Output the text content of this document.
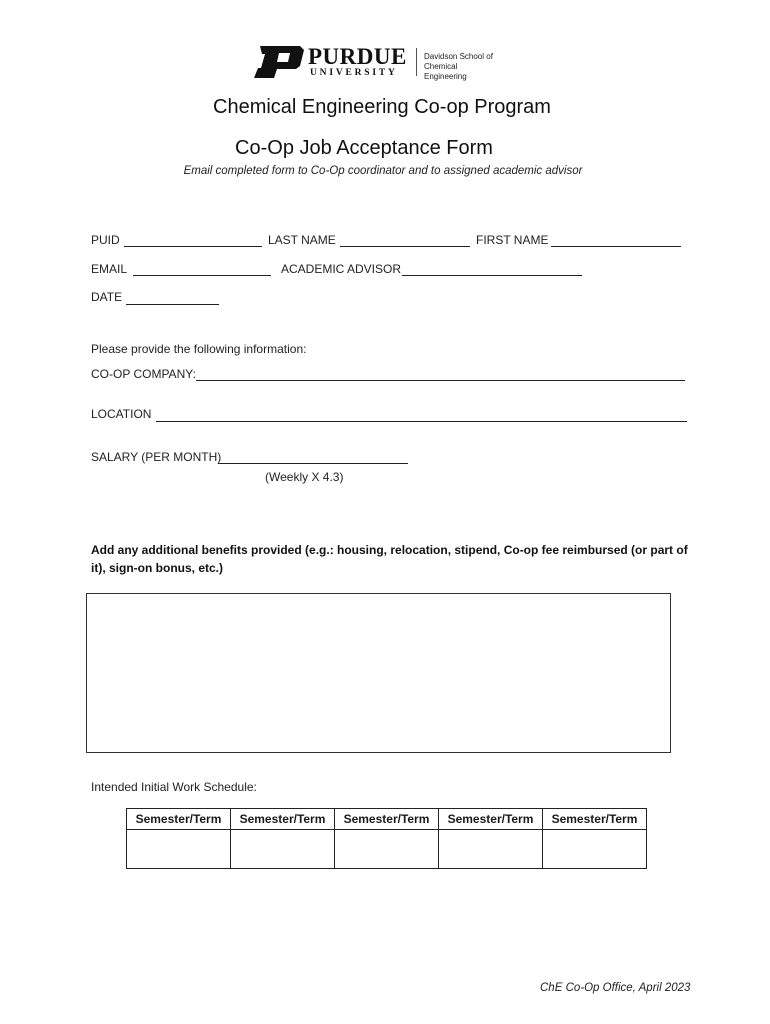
PURDUE
UNIVERSITY
Davidson School of
Chemical Engineering
Chemical Engineering Co-op Program
Co-Op Job Acceptance Form
Email completed form to Co-Op coordinator and to assigned academic advisor
PUID	LAST NAME	FIRST NAME
EMAIL	ACADEMIC ADVISOR
DATE
Please provide the following information:
CO-OP COMPANY:
LOCATION
SALARY (PER MONTH)
(Weekly X 4.3)
Add any additional benefits provided (e.g.: housing, relocation, stipend, Co-op fee reimbursed (or part of it), sign-on bonus, etc.)
Intended Initial Work Schedule:
Semester/Term	Semester/Term	Semester/Term	Semester/Term	Semester/Term

ChE Co-Op Office, April 2023
